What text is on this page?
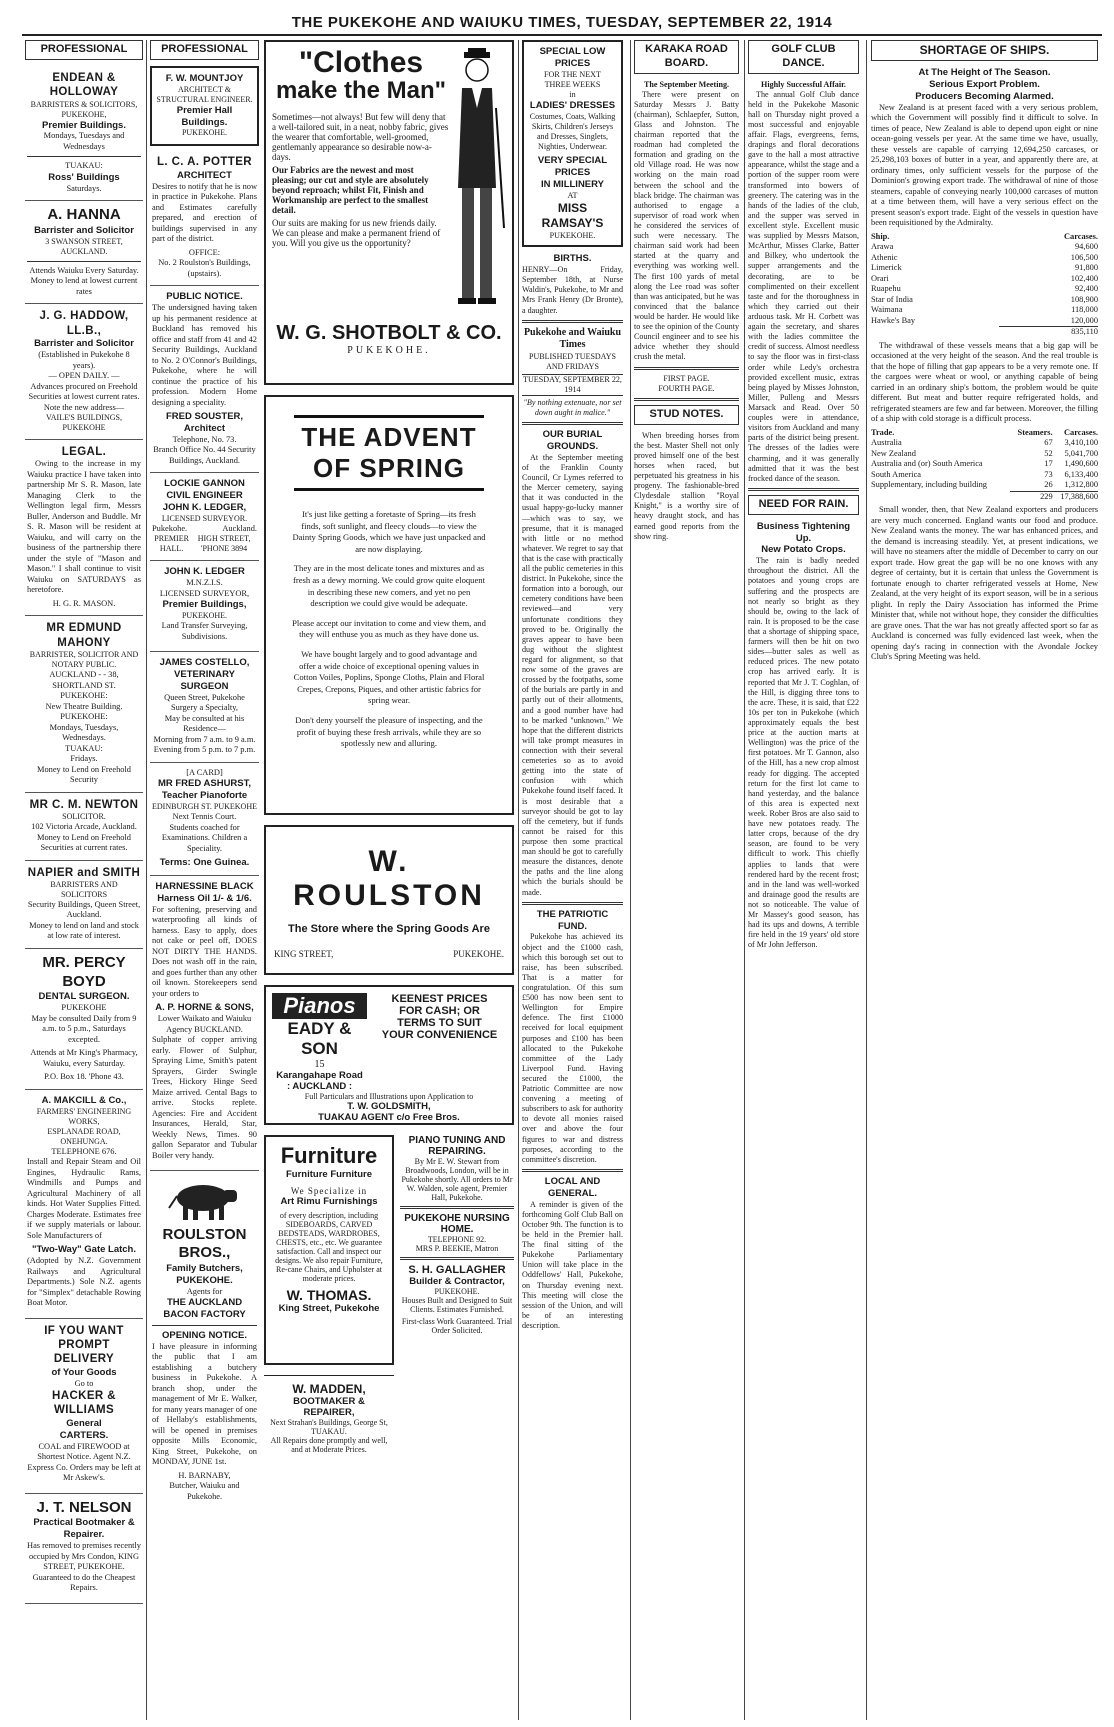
THE PUKEKOHE AND WAIUKU TIMES, TUESDAY, SEPTEMBER 22, 1914
PROFESSIONAL
ENDEAN & HOLLOWAY
BARRISTERS & SOLICITORS,
PUKEKOHE,
Premier Buildings.
Mondays, Tuesdays and Wednesdays
TUAKAU:
Ross' Buildings
Saturdays.
A. HANNA
Barrister and Solicitor
3 SWANSON STREET, AUCKLAND.
Attends Waiuku Every Saturday.
Money to lend at lowest current rates
J. G. HADDOW, LL.B.,
Barrister and Solicitor
(Established in Pukekohe 8 years).
— OPEN DAILY. —
Advances procured on Freehold Securities at lowest current rates.
Note the new address—
VAILE'S BUILDINGS, PUKEKOHE
LEGAL.

Owing to the increase in my Waiuku practice I have taken into partnership Mr S. R. Mason, late Managing Clerk to the Wellington legal firm, Messrs Buller, Anderson and Buddle. Mr S. R. Mason will be resident at Waiuku, and will carry on the business of the partnership there under the style of "Mason and Mason." I shall continue to visit Waiuku on SATURDAYS as heretofore.

H. G. R. MASON.
MR EDMUND MAHONY
BARRISTER, SOLICITOR AND NOTARY PUBLIC.
AUCKLAND - - 38, SHORTLAND ST.
PUKEKOHE:
New Theatre Building.
PUKEKOHE:
Mondays, Tuesdays, Wednesdays.
TUAKAU:
Fridays.
Money to Lend on Freehold Security
MR C. M. NEWTON
SOLICITOR.
102 Victoria Arcade, Auckland.
Money to Lend on Freehold Securities at current rates.
NAPIER and SMITH
BARRISTERS AND SOLICITORS
Security Buildings, Queen Street, Auckland.
Money to lend on land and stock at low rate of interest.
MR. PERCY BOYD
DENTAL SURGEON.
PUKEKOHE

May be consulted Daily from 9 a.m. to 5 p.m., Saturdays excepted.

Attends at Mr King's Pharmacy, Waiuku, every Saturday.

P.O. Box 18. 'Phone 43.
A. MAKCILL & Co.,
FARMERS' ENGINEERING WORKS,
ESPLANADE ROAD, ONEHUNGA.
TELEPHONE 676.

Install and Repair Steam and Oil Engines, Hydraulic Rams, Windmills and Pumps and Agricultural Machinery of all kinds. Hot Water Supplies Fitted. Charges Moderate. Estimates free if we supply materials or labour. Sole Manufacturers of

"Two-Way" Gate Latch.

(Adopted by N.Z. Government Railways and Agricultural Departments.) Sole N.Z. agents for "Simplex" detachable Rowing Boat Motor.

IF YOU WANT
PROMPT DELIVERY
of Your Goods
Go to
HACKER & WILLIAMS
General
CARTERS.

COAL and FIREWOOD at Shortest Notice. Agent N.Z. Express Co. Orders may be left at Mr Askew's.

J. T. NELSON
Practical Bootmaker & Repairer.

Has removed to premises recently occupied by Mrs Condon, KING STREET, PUKEKOHE. Guaranteed to do the Cheapest Repairs.

PROFESSIONAL
F. W. MOUNTJOY
ARCHITECT & STRUCTURAL ENGINEER.
Premier Hall Buildings.
PUKEKOHE.
L. C. A. POTTER
ARCHITECT

Desires to notify that he is now in practice in Pukekohe. Plans and Estimates carefully prepared, and erection of buildings supervised in any part of the district.

OFFICE:
No. 2 Roulston's Buildings, (upstairs).
PUBLIC NOTICE.

The undersigned having taken up his permanent residence at Buckland has removed his office and staff from 41 and 42 Security Buildings, Auckland to No. 2 O'Connor's Buildings, Pukekohe, where he will continue the practice of his profession. Modern Home designing a speciality.

FRED SOUSTER, Architect
Telephone, No. 73.
Branch Office No. 44 Security Buildings, Auckland.
LOCKIE GANNON
CIVIL ENGINEER
JOHN K. LEDGER,
LICENSED SURVEYOR.
Pukekohe.	Auckland.
PREMIER HALL.
HIGH STREET, 'PHONE 3894
JOHN K. LEDGER
M.N.Z.I.S.
LICENSED SURVEYOR,
Premier Buildings,
PUKEKOHE.

Land Transfer Surveying, Subdivisions.

JAMES COSTELLO,
VETERINARY SURGEON
Queen Street, Pukekohe
Surgery a Specialty,
May be consulted at his Residence—
Morning from 7 a.m. to 9 a.m.
Evening from 5 p.m. to 7 p.m.
[A CARD]
MR FRED ASHURST,
Teacher Pianoforte
EDINBURGH ST. PUKEKOHE
Next Tennis Court.

Students coached for Examinations. Children a Speciality.

Terms: One Guinea.
HARNESSINE BLACK
Harness Oil 1/- & 1/6.

For softening, preserving and waterproofing all kinds of harness. Easy to apply, does not cake or peel off, DOES NOT DIRTY THE HANDS. Does not wash off in the rain, and goes further than any other oil known. Storekeepers send your orders to

A. P. HORNE & SONS,
Lower Waikato and Waiuku Agency BUCKLAND.

Sulphate of copper arriving early. Flower of Sulphur, Spraying Lime, Smith's patent Sprayers, Girder Swingle Trees, Hickory Hinge Seed Maize arrived. Cental Bags to arrive. Stocks replete. Agencies: Fire and Accident Insurances, Herald, Star, Weekly News, Times. 90 gallon Separator and Tubular Boiler very handy.

ROULSTON BROS.,
Family Butchers,
PUKEKOHE.
Agents for
THE AUCKLAND
BACON FACTORY
OPENING NOTICE.

I have pleasure in informing the public that I am establishing a butchery business in Pukekohe. A branch shop, under the management of Mr E. Walker, for many years manager of one of Hellaby's establishments, will be opened in premises opposite Mills Economic, King Street, Pukekohe, on MONDAY, JUNE 1st.

H. BARNABY,
Butcher, Waiuku and Pukekohe.
"Clothes
make the Man"

Sometimes—not always! But few will deny that a well-tailored suit, in a neat, nobby fabric, gives the wearer that comfortable, well-groomed, gentlemanly appearance so desirable now-a-days.

Our Fabrics are the newest and most pleasing; our cut and style are absolutely beyond reproach; whilst Fit, Finish and Workmanship are perfect to the smallest detail.

Our suits are making for us new friends daily. We can please and make a permanent friend of you. Will you give us the opportunity?

W. G. SHOTBOLT & CO.
PUKEKOHE.
THE ADVENT
OF SPRING

It's just like getting a foretaste of Spring—its fresh finds, soft sunlight, and fleecy clouds—to view the Dainty Spring Goods, which we have just unpacked and are now displaying.

They are in the most delicate tones and mixtures and as fresh as a dewy morning. We could grow quite eloquent in describing these new comers, and yet no pen description we could give would be adequate.

Please accept our invitation to come and view them, and they will enthuse you as much as they have done us.

We have bought largely and to good advantage and offer a wide choice of exceptional opening values in Cotton Voiles, Poplins, Sponge Cloths, Plain and Floral Crepes, Crepons, Piques, and other artistic fabrics for spring wear.

Don't deny yourself the pleasure of inspecting, and the profit of buying these fresh arrivals, while they are so spotlessly new and alluring.

W. ROULSTON
The Store where the Spring Goods Are
KING STREET,	PUKEKOHE.
Pianos
EADY & SON
15
Karangahape Road
: AUCKLAND :
KEENEST PRICES
FOR CASH; OR
TERMS TO SUIT
YOUR CONVENIENCE
Full Particulars and Illustrations upon Application to
T. W. GOLDSMITH,
TUAKAU AGENT c/o Free Bros.
Furniture
Furniture Furniture
We Specialize in
Art Rimu Furnishings

of every description, including SIDEBOARDS, CARVED BEDSTEADS, WARDROBES, CHESTS, etc., etc. We guarantee satisfaction. Call and inspect our designs. We also repair Furniture, Re-cane Chairs, and Upholster at moderate prices.

W. THOMAS.
King Street, Pukekohe
W. MADDEN,
BOOTMAKER & REPAIRER,
Next Strahan's Buildings, George St,
TUAKAU.

All Repairs done promptly and well, and at Moderate Prices.

PIANO TUNING AND REPAIRING.

By Mr E. W. Stewart from Broadwoods, London, will be in Pukekohe shortly. All orders to Mr W. Walden, sole agent, Premier Hall, Pukekohe.

PUKEKOHE NURSING HOME.
TELEPHONE 92.
MRS P. BEEKIE, Matron
S. H. GALLAGHER
Builder & Contractor,
PUKEKOHE.

Houses Built and Designed to Suit Clients. Estimates Furnished.

First-class Work Guaranteed. Trial Order Solicited.

SPECIAL LOW PRICES
FOR THE NEXT
THREE WEEKS
in
LADIES' DRESSES

Costumes, Coats, Walking Skirts, Children's Jerseys and Dresses, Singlets, Nighties, Underwear.

VERY SPECIAL PRICES
IN MILLINERY
AT
MISS RAMSAY'S
PUKEKOHE.
BIRTHS.

HENRY—On Friday, September 18th, at Nurse Waldin's, Pukekohe, to Mr and Mrs Frank Henry (Dr Bronte), a daughter.

Pukekohe and Waiuku Times
PUBLISHED TUESDAYS AND FRIDAYS
TUESDAY, SEPTEMBER 22, 1914
"By nothing extenuate, nor set down aught in malice."
OUR BURIAL GROUNDS.

At the September meeting of the Franklin County Council, Cr Lymes referred to the Mercer cemetery, saying that it was conducted in the usual happy-go-lucky manner—which was to say, we presume, that it is managed with little or no method whatever. We regret to say that that is the case with practically all the public cemeteries in this district. In Pukekohe, since the formation into a borough, our cemetery conditions have been reviewed—and very unfortunate conditions they proved to be. Originally the graves appear to have been dug without the slightest regard for alignment, so that now some of the graves are crossed by the footpaths, some of the burials are partly in and partly out of their allotments, and a good number have had to be marked "unknown." We hope that the different districts will take prompt measures in connection with their several cemeteries so as to avoid getting into the state of confusion with which Pukekohe found itself faced. It is most desirable that a surveyor should be got to lay off the cemetery, but if funds cannot be raised for this purpose then some practical man should be got to carefully measure the distances, denote the paths and the line along which the burials should be made.

THE PATRIOTIC FUND.

Pukekohe has achieved its object and the £1000 cash, which this borough set out to raise, has been subscribed. That is a matter for congratulation. Of this sum £500 has now been sent to Wellington for Empire defence. The first £1000 received for local equipment purposes and £100 has been allocated to the Pukekohe committee of the Lady Liverpool Fund. Having secured the £1000, the Patriotic Committee are now convening a meeting of subscribers to ask for authority to devote all monies raised over and above the four figures to war and distress purposes, according to the committee's discretion.

LOCAL AND GENERAL.

A reminder is given of the forthcoming Golf Club Ball on October 9th. The function is to be held in the Premier hall. The final sitting of the Pukekohe Parliamentary Union will take place in the Oddfellows' Hall, Pukekohe, on Thursday evening next. This meeting will close the session of the Union, and will be of an interesting description.

KARAKA ROAD BOARD.
The September Meeting.

There were present on Saturday Messrs J. Batty (chairman), Schlaepfer, Sutton, Glass and Johnston. The chairman reported that the roadman had completed the formation and grading on the old Village road. He was now working on the main road between the school and the black bridge. The chairman was authorised to engage a supervisor of road work when he considered the services of such were necessary. The chairman said work had been started at the quarry and everything was working well. The first 100 yards of metal along the Lee road was softer than was anticipated, but he was convinced that the balance would be harder. He would like to see the opinion of the County Council engineer and to see his advice whether they should crush the metal.

FIRST PAGE.
FOURTH PAGE.
STUD NOTES.

When breeding horses from the best. Master Shell not only proved himself one of the best horses when raced, but perpetuated his greatness in his progeny. The fashionable-bred Clydesdale stallion "Royal Knight," is a worthy sire of heavy draught stock, and has earned good reports from the show ring.

GOLF CLUB DANCE.
Highly Successful Affair.

The annual Golf Club dance held in the Pukekohe Masonic hall on Thursday night proved a most successful and enjoyable affair. Flags, evergreens, ferns, drapings and floral decorations gave to the hall a most attractive appearance, whilst the stage and a portion of the supper room were transformed into bowers of greenery. The catering was in the hands of the ladies of the club, and the supper was served in excellent style. Excellent music was supplied by Messrs Matson, McArthur, Misses Clarke, Batter and Bilkey, who undertook the supper arrangements and the decorating, are to be complimented on their excellent taste and for the thoroughness in which they carried out their arduous task. Mr H. Corbett was again the secretary, and shares with the ladies committee the credit of success. Almost needless to say the floor was in first-class order while Ledy's orchestra provided excellent music, extras being played by Misses Johnston, Miller, Pulleng and Messrs Marsack and Read. Over 50 couples were in attendance, visitors from Auckland and many parts of the district being present. The dresses of the ladies were charming, and it was generally admitted that it was the best frocked dance of the season.

NEED FOR RAIN.
Business Tightening Up.
New Potato Crops.

The rain is badly needed throughout the district. All the potatoes and young crops are suffering and the prospects are not nearly so bright as they should be, owing to the lack of rain. It is proposed to be the case that a shortage of shipping space, farmers will then be hit on two sides—butter sales as well as reduced prices. The new potato crop has arrived early. It is reported that Mr J. T. Coghlan, of the Hill, is digging three tons to the acre. These, it is said, that £22 10s per ton in Pukekohe (which approximately equals the best price at the auction marts at Wellington) was the price of the first potatoes. Mr T. Gannon, also of the Hill, has a new crop almost ready for digging. The accepted return for the first lot came to hand yesterday, and the balance of this area is expected next week. Rober Bros are also said to have new potatoes ready. The latter crops, because of the dry season, are found to be very difficult to work. This chiefly applies to lands that were rendered hard by the recent frost; and in the land was well-worked and drainage good the results are not so noticeable. The value of Mr Massey's good season, has had its ups and downs, A terrible fire held in the 19 years' old store of Mr John Jefferson.

SHORTAGE OF SHIPS.
At The Height of The Season.
Serious Export Problem.
Producers Becoming Alarmed.

New Zealand is at present faced with a very serious problem, which the Government will possibly find it difficult to solve. In times of peace, New Zealand is able to depend upon eight or nine ocean-going vessels per year. At the same time we have, usually, these vessels are capable of carrying 12,694,250 carcases, or 25,298,103 boxes of butter in a year, and apparently there are, at ordinary times, only sufficient vessels for the purpose of the Dominion's growing export trade. The withdrawal of nine of those steamers, capable of conveying nearly 100,000 carcases of mutton at a time between them, will have a very serious effect on the present season's export trade. Eight of the vessels in question have been requisitioned by the Admiralty.

Ship.	Carcases.
Arawa	94,600
Athenic	106,500
Limerick	91,800
Orari	102,400
Ruapehu	92,400
Star of India	108,900
Waimana	118,000
Hawke's Bay	120,000
	835,110

The withdrawal of these vessels means that a big gap will be occasioned at the very height of the season. And the real trouble is that the hope of filling that gap appears to be a very remote one. If the cargoes were wheat or wool, or anything capable of being carried in an ordinary ship's bottom, the problem would be quite different. But meat and butter require refrigerated holds, and refrigerated steamers are few and far between. Moreover, the filling of a ship with cold storage is a difficult process.

Trade.	Steamers.	Carcases.
Australia	67	3,410,100
New Zealand	52	5,041,700
Australia and (or) South America	17	1,490,600
South America	73	6,133,400
Supplementary, including building	26	1,312,800
	229	17,388,600

Small wonder, then, that New Zealand exporters and producers are very much concerned. England wants our food and produce. New Zealand wants the money. The war has enhanced prices, and the demand is increasing steadily. Yet, at present indications, we will have no steamers after the middle of December to carry on our export trade. How great the gap will be no one knows with any degree of certainty, but it is certain that unless the Government is fortunate enough to charter refrigerated vessels at Home, New Zealand, at the very height of its export season, will be in a serious plight. In reply the Dairy Association has informed the Prime Minister that, while not without hope, they consider the difficulties are grave ones. That the war has not greatly affected sport so far as Auckland is concerned was fully evidenced last week, when the opening day's racing in connection with the Avondale Jockey Club's Spring Meeting was held.
